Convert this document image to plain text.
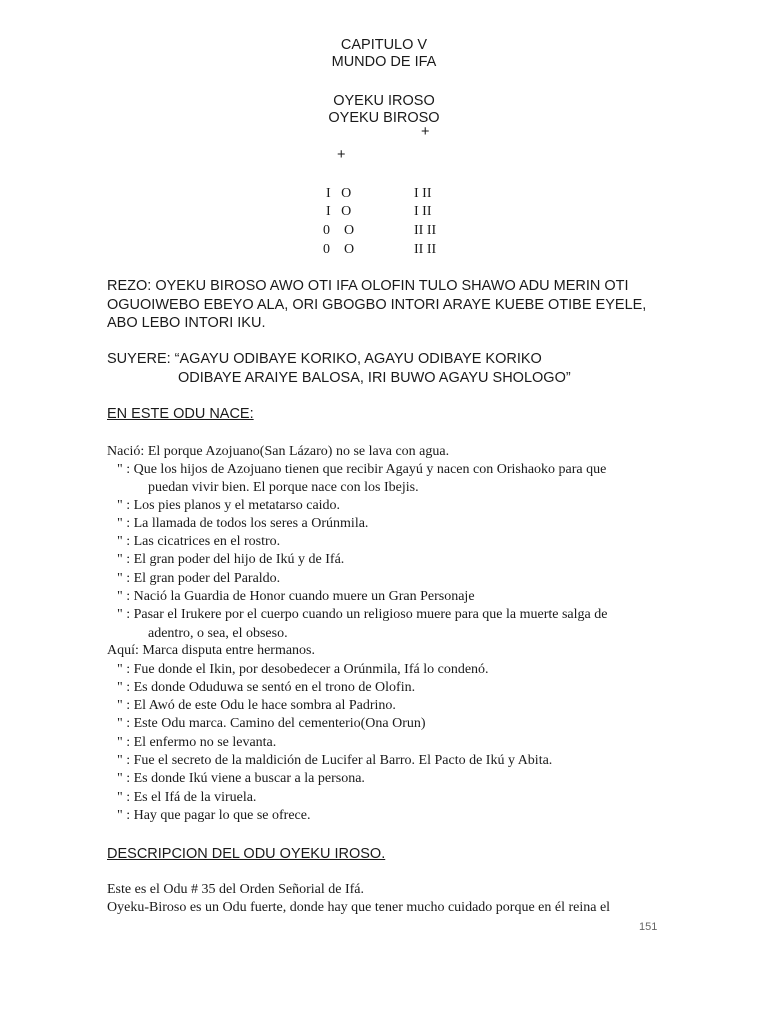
CAPITULO V
MUNDO DE IFA
OYEKU IROSO
OYEKU BIROSO
+
+
I   O
I   O
0    O
0    O
I II
I II
II II
II II
REZO: OYEKU BIROSO AWO OTI IFA OLOFIN TULO SHAWO ADU MERIN OTI
OGUOIWEBO EBEYO ALA, ORI GBOGBO INTORI ARAYE KUEBE OTIBE EYELE,
ABO LEBO INTORI IKU.
SUYERE: “AGAYU ODIBAYE KORIKO, AGAYU ODIBAYE KORIKO
ODIBAYE ARAIYE BALOSA, IRI BUWO AGAYU SHOLOGO”
EN ESTE ODU NACE:
Nació: El porque Azojuano(San Lázaro) no se lava con agua.
" : Que los hijos de Azojuano tienen que recibir Agayú y nacen con Orishaoko para que
puedan vivir bien. El porque nace con los Ibejis.
" : Los pies planos y el metatarso caido.
" : La llamada de todos los seres a Orúnmila.
" : Las cicatrices en el rostro.
" : El gran poder del hijo de Ikú y de Ifá.
" : El gran poder del Paraldo.
" : Nació la Guardia de Honor cuando muere un Gran Personaje
" : Pasar el Irukere por el cuerpo cuando un religioso muere para que la muerte salga de
adentro, o sea, el obseso.
Aquí: Marca disputa entre hermanos.
" : Fue donde el Ikin, por desobedecer a Orúnmila, Ifá lo condenó.
" : Es donde Oduduwa se sentó en el trono de Olofin.
" : El Awó de este Odu le hace sombra al Padrino.
" : Este Odu marca. Camino del cementerio(Ona Orun)
" : El enfermo no se levanta.
" : Fue el secreto de la maldición de Lucifer al Barro. El Pacto de Ikú y Abita.
" : Es donde Ikú viene a buscar a la persona.
" : Es el Ifá de la viruela.
" : Hay que pagar lo que se ofrece.
DESCRIPCION DEL ODU OYEKU IROSO.
Este es el Odu # 35 del Orden Señorial de Ifá.
Oyeku-Biroso es un Odu fuerte, donde hay que tener mucho cuidado porque en él reina el
151
